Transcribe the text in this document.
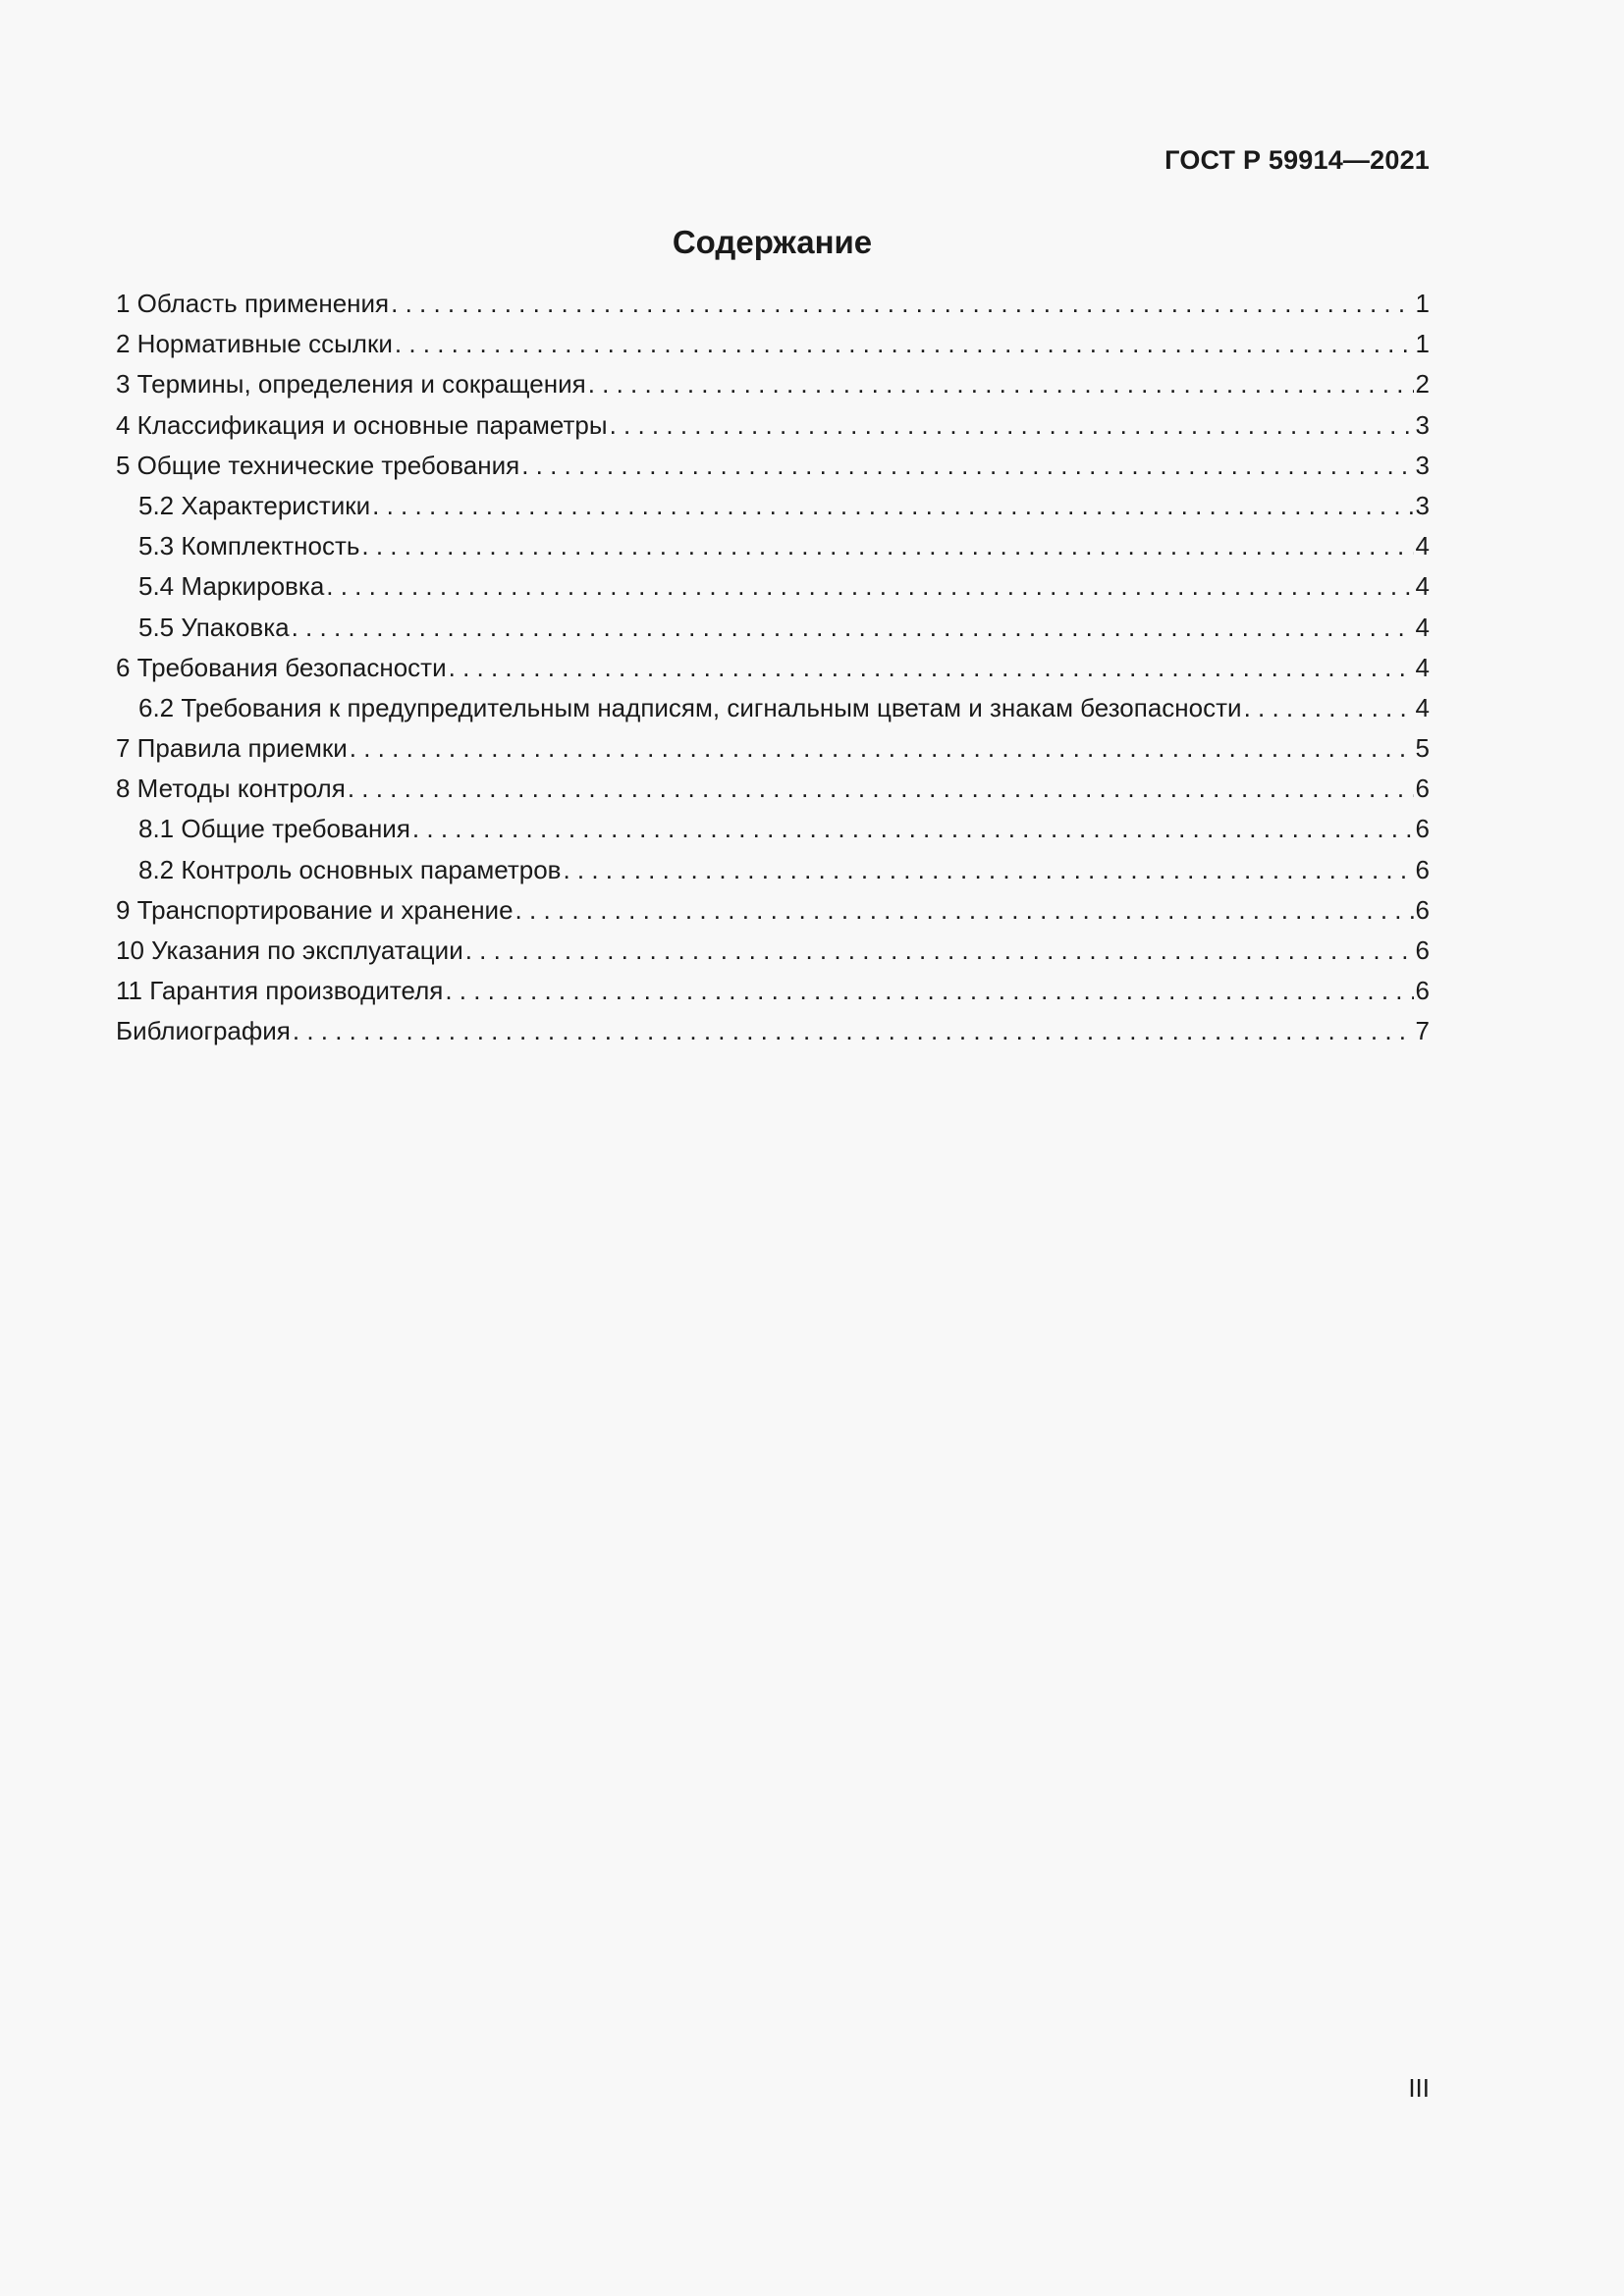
ГОСТ Р 59914—2021
Содержание
1 Область применения . . .	1
2 Нормативные ссылки . . .	1
3 Термины, определения и сокращения . . .	2
4 Классификация и основные параметры . . .	3
5 Общие технические требования . . .	3
5.2 Характеристики . . .	3
5.3 Комплектность . . .	4
5.4 Маркировка . . .	4
5.5 Упаковка . . .	4
6 Требования безопасности . . .	4
6.2 Требования к предупредительным надписям, сигнальным цветам и знакам безопасности . . .	4
7 Правила приемки . . .	5
8 Методы контроля . . .	6
8.1 Общие требования . . .	6
8.2 Контроль основных параметров . . .	6
9 Транспортирование и хранение . . .	6
10 Указания по эксплуатации . . .	6
11 Гарантия производителя . . .	6
Библиография . . .	7
III
